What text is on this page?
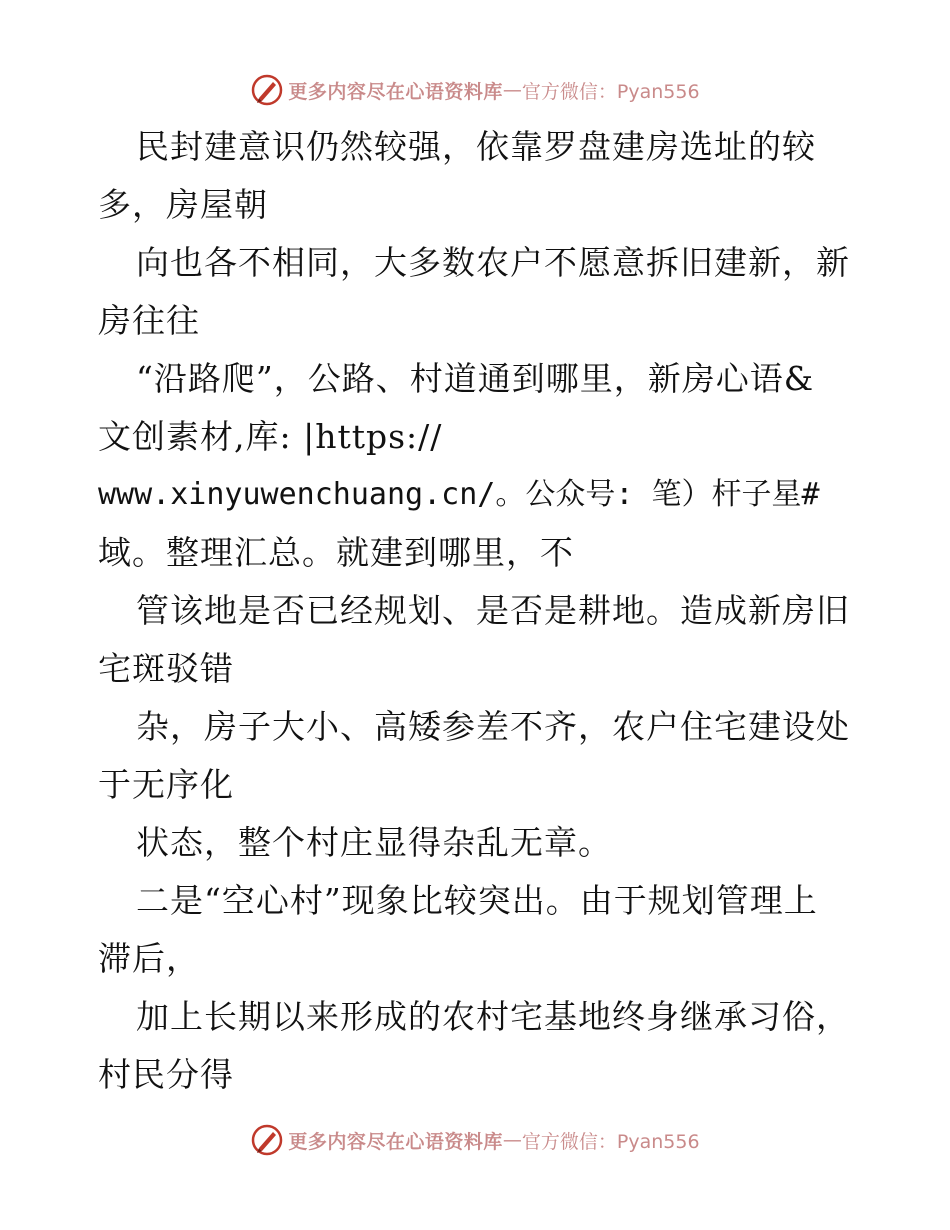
更多内容尽在心语资料库 — 官方微信：Pyan556
民封建意识仍然较强，依靠罗盘建房选址的较
多，房屋朝
向也各不相同，大多数农户不愿意拆旧建新，新
房往往
“沿路爬”，公路、村道通到哪里，新房心语&
文创素材,库: |https://
www.xinyuwenchuang.cn/。公众号: 笔）杆子星#
域。整理汇总。就建到哪里，不
管该地是否已经规划、是否是耕地。造成新房旧
宅斑驳错
杂，房子大小、高矮参差不齐，农户住宅建设处
于无序化
状态，整个村庄显得杂乱无章。
二是“空心村”现象比较突出。由于规划管理上
滞后，
加上长期以来形成的农村宅基地终身继承习俗，
村民分得
更多内容尽在心语资料库 — 官方微信：Pyan556
